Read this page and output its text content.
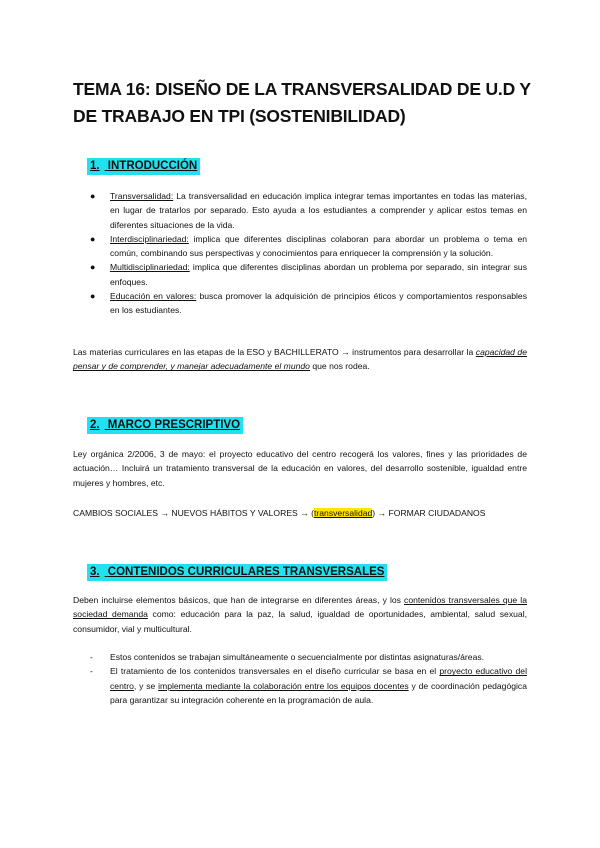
TEMA 16: DISEÑO DE LA TRANSVERSALIDAD DE U.D Y DE TRABAJO EN TPI (SOSTENIBILIDAD)
1. INTRODUCCIÓN
● Transversalidad: La transversalidad en educación implica integrar temas importantes en todas las materias, en lugar de tratarlos por separado. Esto ayuda a los estudiantes a comprender y aplicar estos temas en diferentes situaciones de la vida.
● Interdisciplinariedad: implica que diferentes disciplinas colaboran para abordar un problema o tema en común, combinando sus perspectivas y conocimientos para enriquecer la comprensión y la solución.
● Multidisciplinariedad: implica que diferentes disciplinas abordan un problema por separado, sin integrar sus enfoques.
● Educación en valores: busca promover la adquisición de principios éticos y comportamientos responsables en los estudiantes.
Las materias curriculares en las etapas de la ESO y BACHILLERATO → instrumentos para desarrollar la capacidad de pensar y de comprender, y manejar adecuadamente el mundo que nos rodea.
2. MARCO PRESCRIPTIVO
Ley orgánica 2/2006, 3 de mayo: el proyecto educativo del centro recogerá los valores, fines y las prioridades de actuación… Incluirá un tratamiento transversal de la educación en valores, del desarrollo sostenible, igualdad entre mujeres y hombres, etc.
CAMBIOS SOCIALES → NUEVOS HÁBITOS Y VALORES → (transversalidad) → FORMAR CIUDADANOS
3. CONTENIDOS CURRICULARES TRANSVERSALES
Deben incluirse elementos básicos, que han de integrarse en diferentes áreas, y los contenidos transversales que la sociedad demanda como: educación para la paz, la salud, igualdad de oportunidades, ambiental, salud sexual, consumidor, vial y multicultural.
- Estos contenidos se trabajan simultáneamente o secuencialmente por distintas asignaturas/áreas.
- El tratamiento de los contenidos transversales en el diseño curricular se basa en el proyecto educativo del centro, y se implementa mediante la colaboración entre los equipos docentes y de coordinación pedagógica para garantizar su integración coherente en la programación de aula.
